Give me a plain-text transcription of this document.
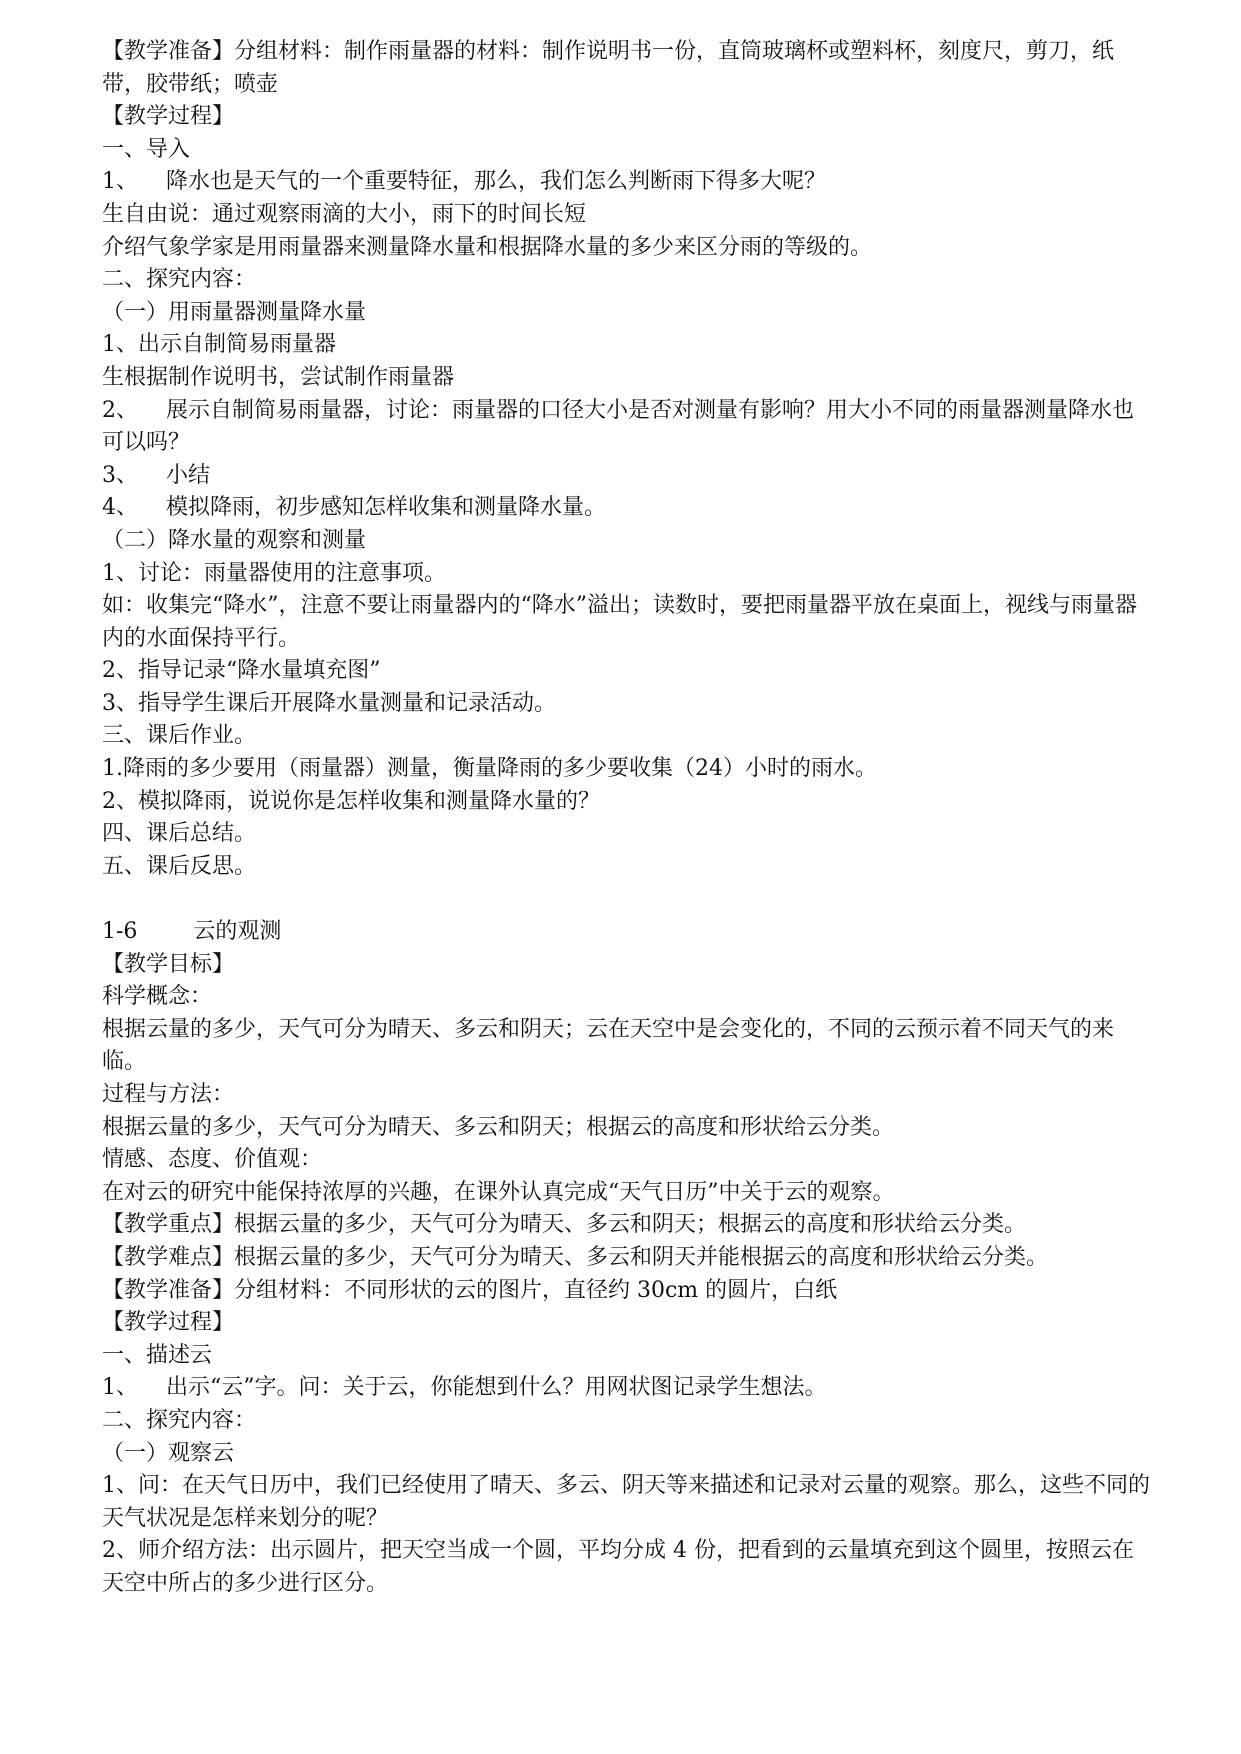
【教学准备】分组材料：制作雨量器的材料：制作说明书一份，直筒玻璃杯或塑料杯，刻度尺，剪刀，纸带，胶带纸；喷壶

【教学过程】

一、导入

1、    降水也是天气的一个重要特征，那么，我们怎么判断雨下得多大呢？

生自由说：通过观察雨滴的大小，雨下的时间长短

介绍气象学家是用雨量器来测量降水量和根据降水量的多少来区分雨的等级的。

二、探究内容：

（一）用雨量器测量降水量

1、出示自制简易雨量器

生根据制作说明书，尝试制作雨量器

2、    展示自制简易雨量器，讨论：雨量器的口径大小是否对测量有影响？用大小不同的雨量器测量降水也可以吗？

3、    小结

4、    模拟降雨，初步感知怎样收集和测量降水量。

（二）降水量的观察和测量

1、讨论：雨量器使用的注意事项。

如：收集完“降水”，注意不要让雨量器内的“降水”溢出；读数时，要把雨量器平放在桌面上，视线与雨量器内的水面保持平行。

2、指导记录“降水量填充图”

3、指导学生课后开展降水量测量和记录活动。

三、课后作业。

1.降雨的多少要用（雨量器）测量，衡量降雨的多少要收集（24）小时的雨水。

2、模拟降雨，说说你是怎样收集和测量降水量的？

四、课后总结。

五、课后反思。

1-6        云的观测

【教学目标】

科学概念：

根据云量的多少，天气可分为晴天、多云和阴天；云在天空中是会变化的，不同的云预示着不同天气的来临。

过程与方法：

根据云量的多少，天气可分为晴天、多云和阴天；根据云的高度和形状给云分类。

情感、态度、价值观：

在对云的研究中能保持浓厚的兴趣，在课外认真完成“天气日历”中关于云的观察。

【教学重点】根据云量的多少，天气可分为晴天、多云和阴天；根据云的高度和形状给云分类。

【教学难点】根据云量的多少，天气可分为晴天、多云和阴天并能根据云的高度和形状给云分类。

【教学准备】分组材料：不同形状的云的图片，直径约 30cm 的圆片，白纸

【教学过程】

一、描述云

1、    出示“云”字。问：关于云，你能想到什么？用网状图记录学生想法。

二、探究内容：

（一）观察云

1、问：在天气日历中，我们已经使用了晴天、多云、阴天等来描述和记录对云量的观察。那么，这些不同的天气状况是怎样来划分的呢？

2、师介绍方法：出示圆片，把天空当成一个圆，平均分成 4 份，把看到的云量填充到这个圆里，按照云在天空中所占的多少进行区分。
